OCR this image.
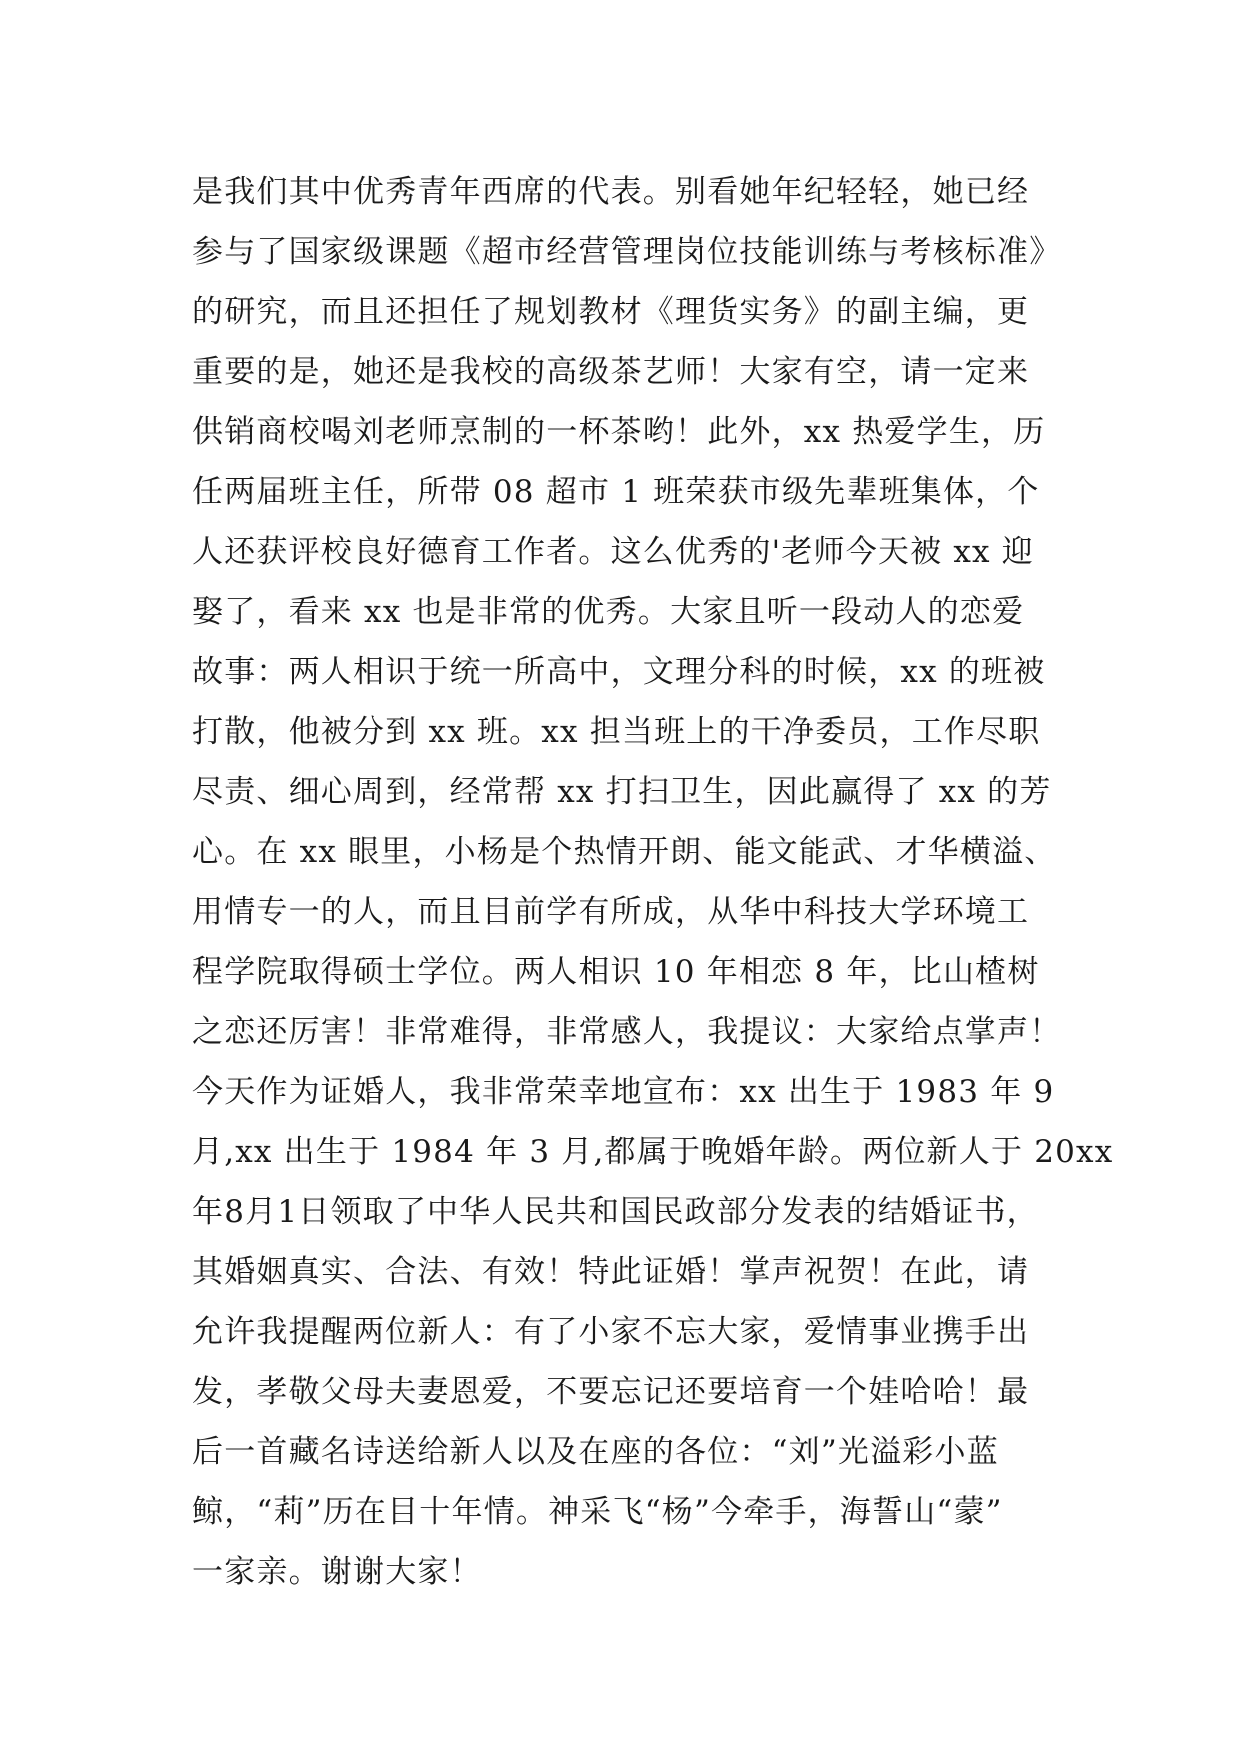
是我们其中优秀青年西席的代表。别看她年纪轻轻，她已经
参与了国家级课题《超市经营管理岗位技能训练与考核标准》
的研究，而且还担任了规划教材《理货实务》的副主编，更
重要的是，她还是我校的高级茶艺师！大家有空，请一定来
供销商校喝刘老师烹制的一杯茶哟！此外，xx 热爱学生，历
任两届班主任，所带 08 超市 1 班荣获市级先辈班集体，个
人还获评校良好德育工作者。这么优秀的'老师今天被 xx 迎
娶了，看来 xx 也是非常的优秀。大家且听一段动人的恋爱
故事：两人相识于统一所高中，文理分科的时候，xx 的班被
打散，他被分到 xx 班。xx 担当班上的干净委员，工作尽职
尽责、细心周到，经常帮 xx 打扫卫生，因此赢得了 xx 的芳
心。在 xx 眼里，小杨是个热情开朗、能文能武、才华横溢、
用情专一的人，而且目前学有所成，从华中科技大学环境工
程学院取得硕士学位。两人相识 10 年相恋 8 年，比山楂树
之恋还厉害！非常难得，非常感人，我提议：大家给点掌声！
今天作为证婚人，我非常荣幸地宣布：xx 出生于 1983 年 9
月,xx 出生于 1984 年 3 月,都属于晚婚年龄。两位新人于 20xx
年8月1日领取了中华人民共和国民政部分发表的结婚证书，
其婚姻真实、合法、有效！特此证婚！掌声祝贺！在此，请
允许我提醒两位新人：有了小家不忘大家，爱情事业携手出
发，孝敬父母夫妻恩爱，不要忘记还要培育一个娃哈哈！最
后一首藏名诗送给新人以及在座的各位：“刘”光溢彩小蓝
鲸，“莉”历在目十年情。神采飞“杨”今牵手，海誓山“蒙”
一家亲。谢谢大家！
